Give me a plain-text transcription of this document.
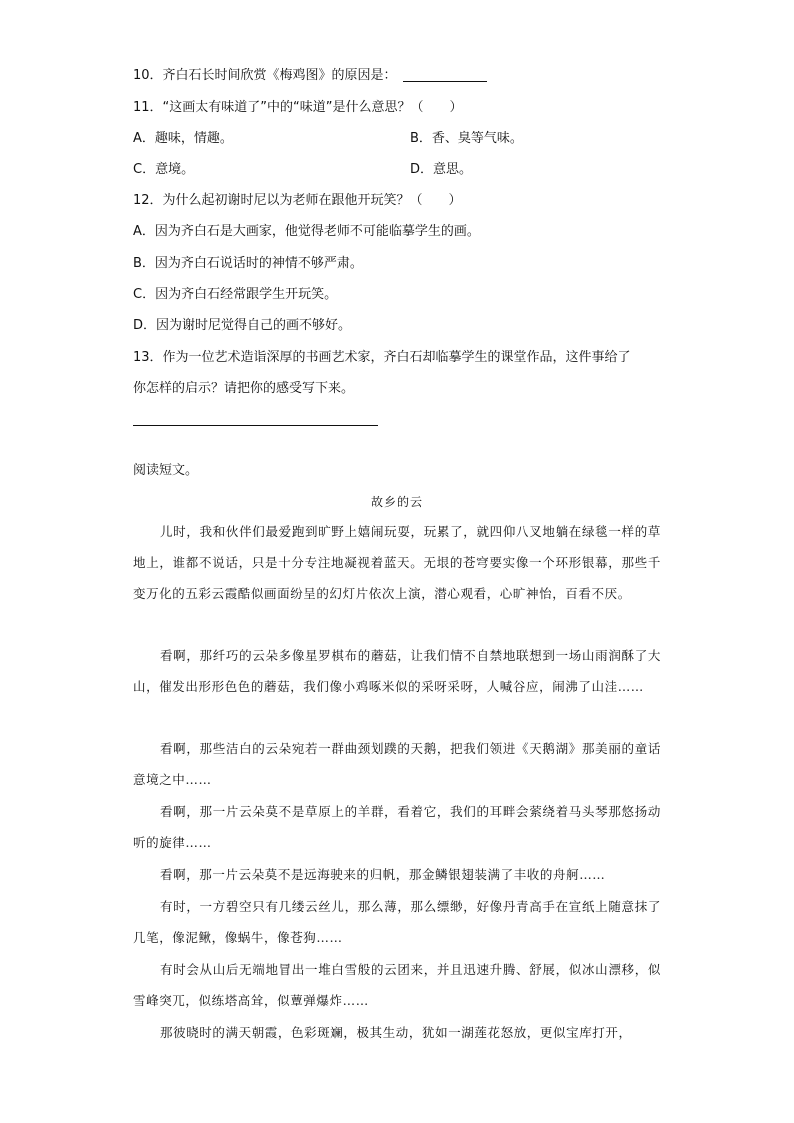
10．齐白石长时间欣赏《梅鸡图》的原因是：
11．“这画太有味道了”中的“味道”是什么意思？（　　）
A．趣味，情趣。	B．香、臭等气味。
C．意境。	D．意思。
12．为什么起初谢时尼以为老师在跟他开玩笑？（　　）
A．因为齐白石是大画家，他觉得老师不可能临摹学生的画。
B．因为齐白石说话时的神情不够严肃。
C．因为齐白石经常跟学生开玩笑。
D．因为谢时尼觉得自己的画不够好。
13．作为一位艺术造诣深厚的书画艺术家，齐白石却临摹学生的课堂作品，这件事给了
你怎样的启示？请把你的感受写下来。
阅读短文。
故乡的云
儿时，我和伙伴们最爱跑到旷野上嬉闹玩耍，玩累了，就四仰八叉地躺在绿毯一样的草地上，谁都不说话，只是十分专注地凝视着蓝天。无垠的苍穹要实像一个环形银幕，那些千变万化的五彩云霞酷似画面纷呈的幻灯片依次上演，潜心观看，心旷神怡，百看不厌。
看啊，那纤巧的云朵多像星罗棋布的蘑菇，让我们情不自禁地联想到一场山雨润酥了大山，催发出形形色色的蘑菇，我们像小鸡啄米似的采呀采呀，人喊谷应，闹沸了山洼……
看啊，那些洁白的云朵宛若一群曲颈划蹼的天鹅，把我们领进《天鹅湖》那美丽的童话意境之中……
看啊，那一片云朵莫不是草原上的羊群，看着它，我们的耳畔会萦绕着马头琴那悠扬动听的旋律……
看啊，那一片云朵莫不是远海驶来的归帆，那金鳞银翅装满了丰收的舟舸……
有时，一方碧空只有几缕云丝儿，那么薄，那么缥缈，好像丹青高手在宣纸上随意抹了几笔，像泥鳅，像蜗牛，像苍狗……
有时会从山后无端地冒出一堆白雪般的云团来，并且迅速升腾、舒展，似冰山漂移，似雪峰突兀，似练塔高耸，似蕈弹爆炸……
那彼晓时的满天朝霞，色彩斑斓，极其生动，犹如一湖莲花怒放，更似宝库打开，
